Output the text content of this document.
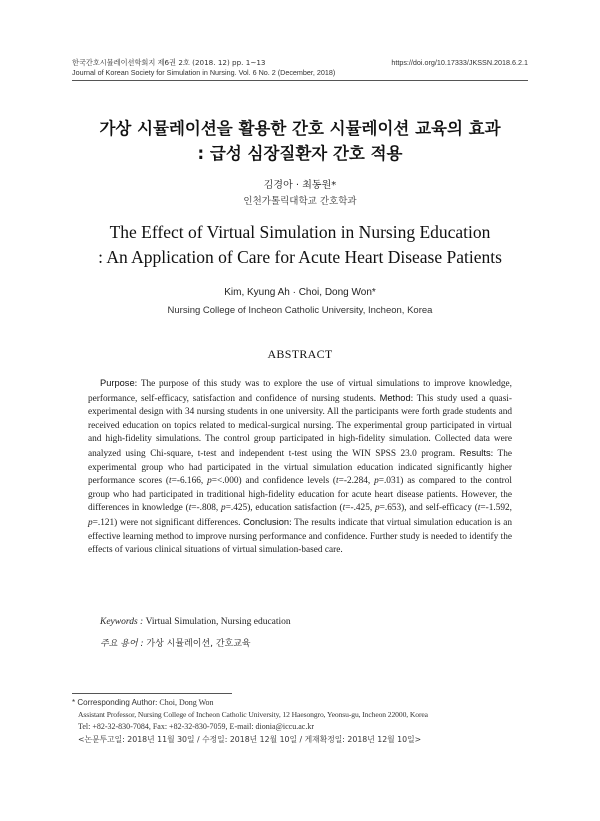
한국간호시뮬레이션학회지 제6권 2호 (2018. 12) pp. 1~13	https://doi.org/10.17333/JKSSN.2018.6.2.1
Journal of Korean Society for Simulation in Nursing. Vol. 6 No. 2 (December, 2018)
가상 시뮬레이션을 활용한 간호 시뮬레이션 교육의 효과
: 급성 심장질환자 간호 적용
김경아 · 최동원*
인천가톨릭대학교 간호학과
The Effect of Virtual Simulation in Nursing Education
: An Application of Care for Acute Heart Disease Patients
Kim, Kyung Ah · Choi, Dong Won*
Nursing College of Incheon Catholic University, Incheon, Korea
ABSTRACT

Purpose: The purpose of this study was to explore the use of virtual simulations to improve knowledge, performance, self-efficacy, satisfaction and confidence of nursing students. Method: This study used a quasi-experimental design with 34 nursing students in one university. All the participants were forth grade students and received education on topics related to medical-surgical nursing. The experimental group participated in virtual and high-fidelity simulations. The control group participated in high-fidelity simulation. Collected data were analyzed using Chi-square, t-test and independent t-test using the WIN SPSS 23.0 program. Results: The experimental group who had participated in the virtual simulation education indicated significantly higher performance scores (t=-6.166, p=<.000) and confidence levels (t=-2.284, p=.031) as compared to the control group who had participated in traditional high-fidelity education for acute heart disease patients. However, the differences in knowledge (t=-.808, p=.425), education satisfaction (t=-.425, p=.653), and self-efficacy (t=-1.592, p=.121) were not significant differences. Conclusion: The results indicate that virtual simulation education is an effective learning method to improve nursing performance and confidence. Further study is needed to identify the effects of various clinical situations of virtual simulation-based care.

Keywords : Virtual Simulation, Nursing education
주요 용어 : 가상 시뮬레이션, 간호교육
* Corresponding Author: Choi, Dong Won
Assistant Professor, Nursing College of Incheon Catholic University, 12 Haesongro, Yeonsu-gu, Incheon 22000, Korea
Tel: +82-32-830-7084, Fax: +82-32-830-7059, E-mail: dionia@iccu.ac.kr
<논문투고일: 2018년 11월 30일 / 수정일: 2018년 12월 10일 / 게재확정일: 2018년 12월 10일>
